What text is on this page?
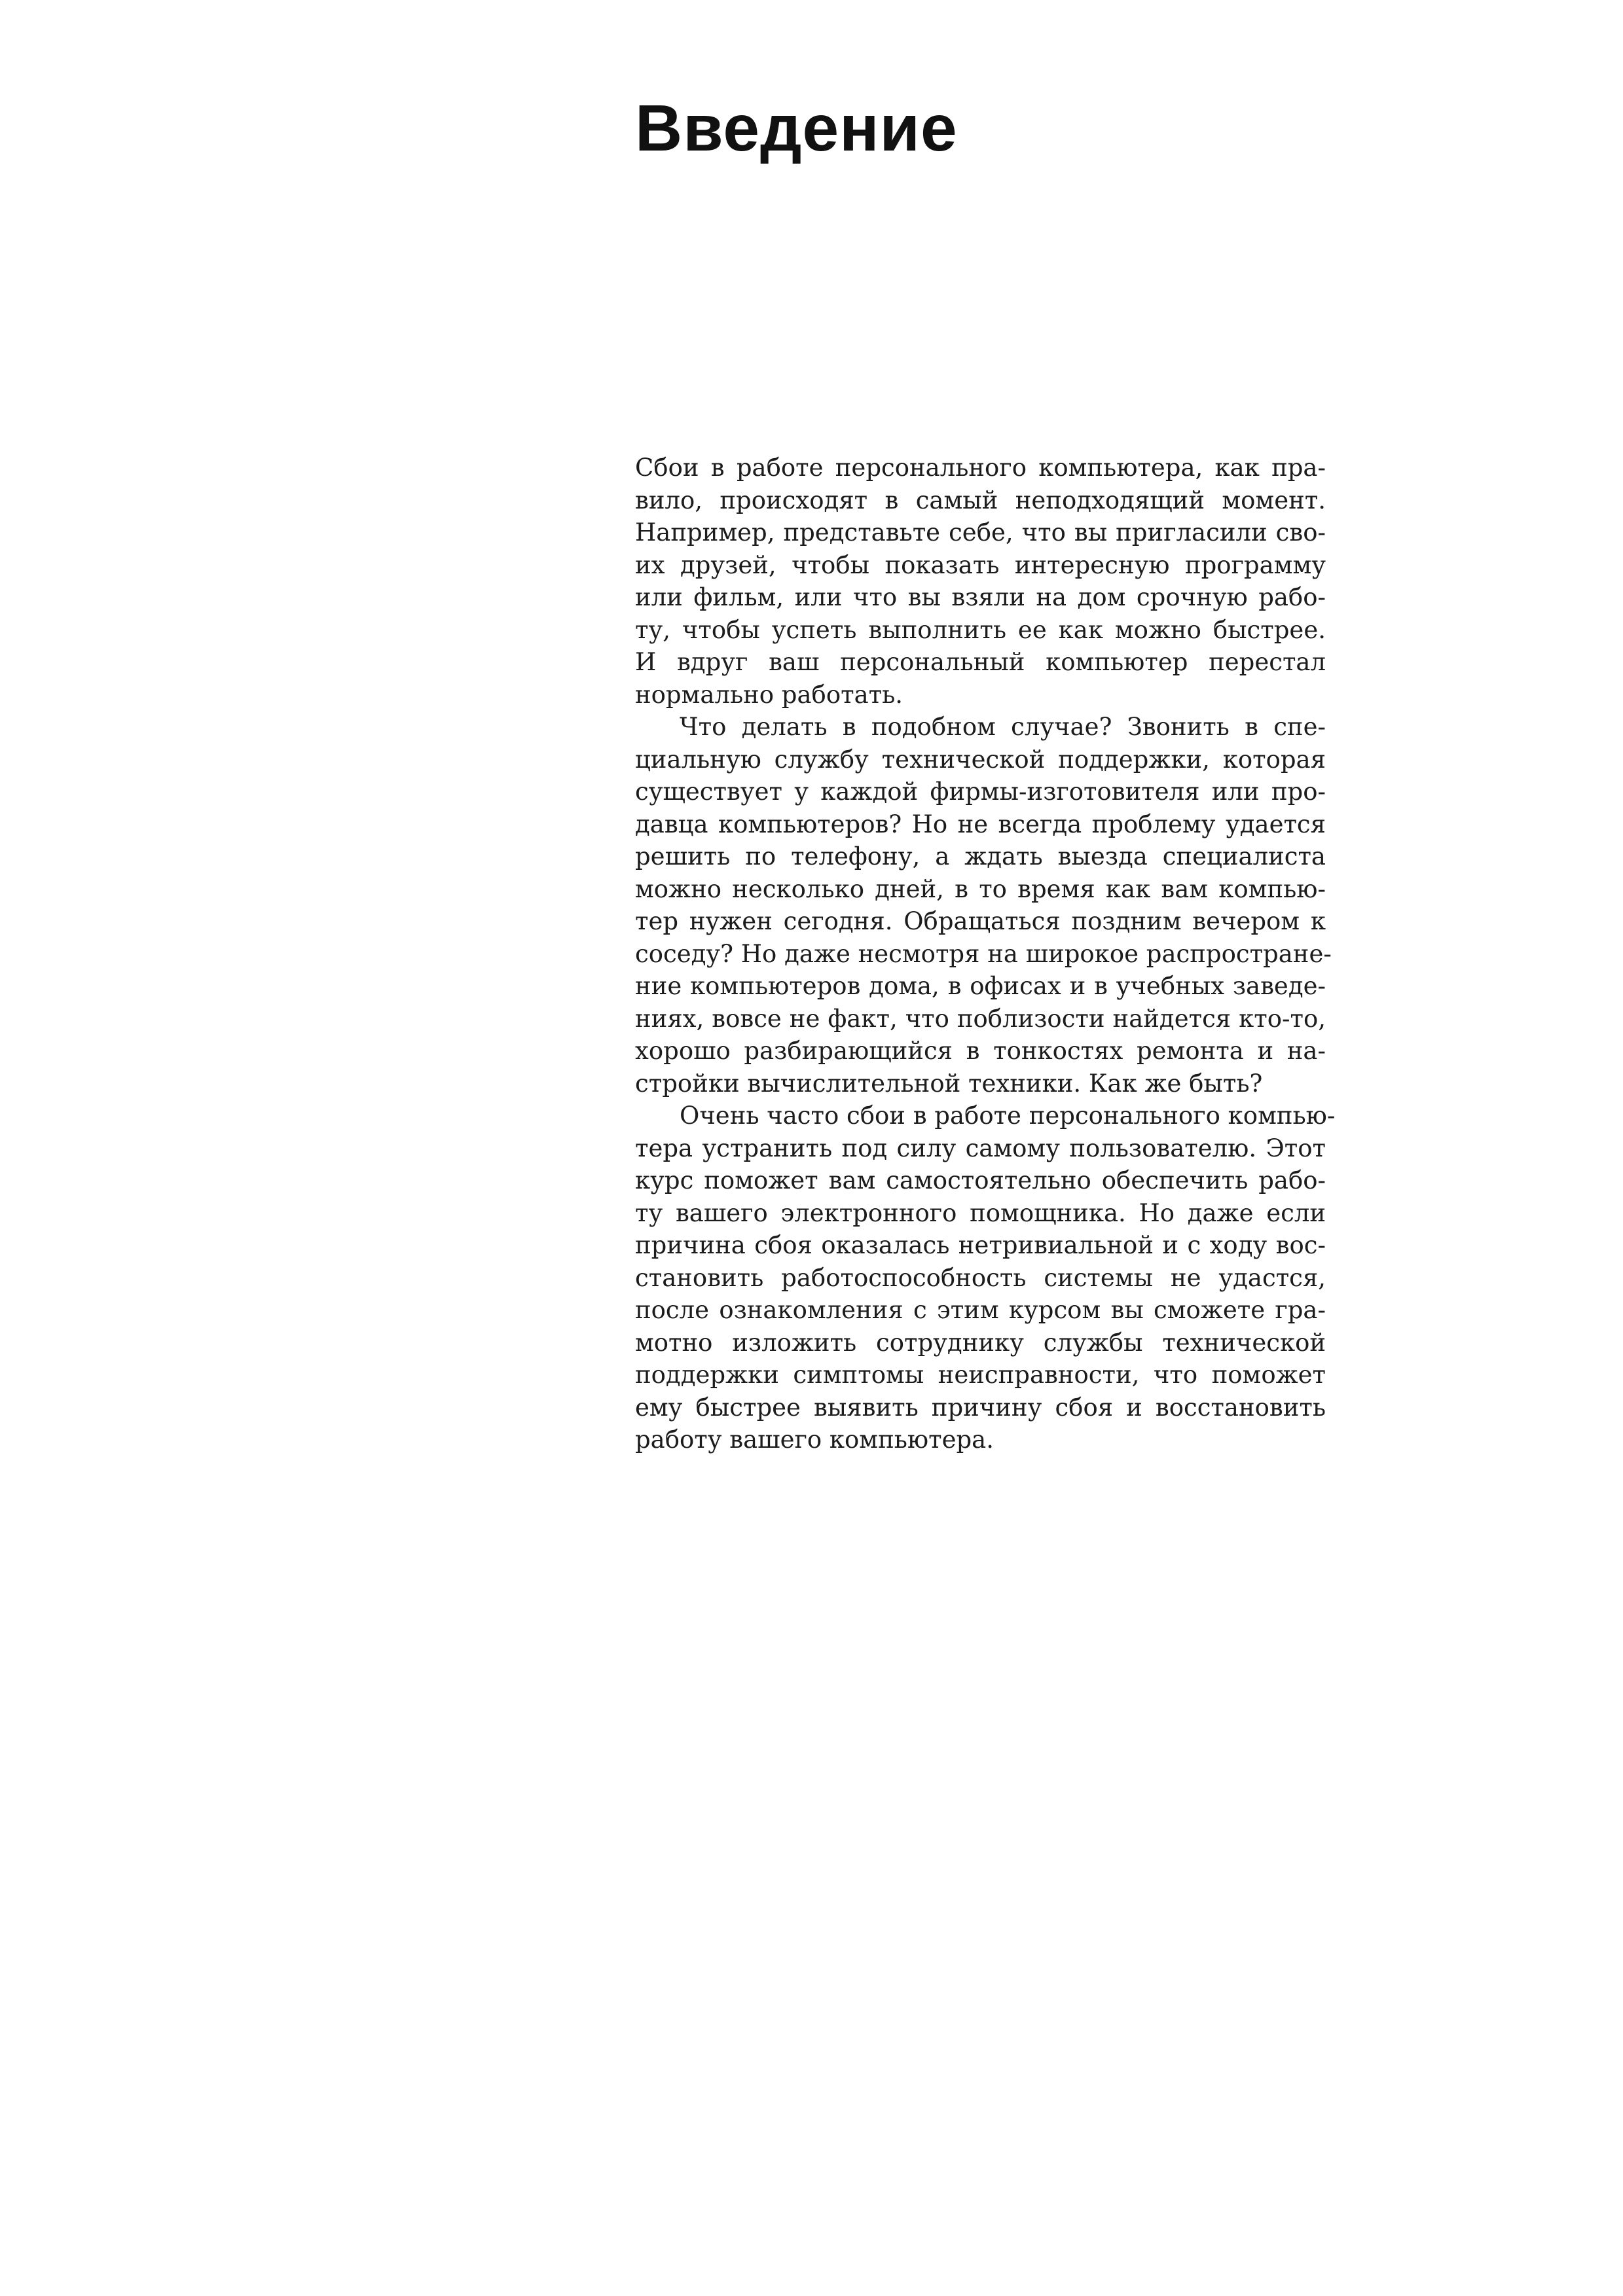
Введение
Сбои в работе персонального компьютера, как пра-
вило, происходят в самый неподходящий момент.
Например, представьте себе, что вы пригласили сво-
их друзей, чтобы показать интересную программу
или фильм, или что вы взяли на дом срочную рабо-
ту, чтобы успеть выполнить ее как можно быстрее.
И вдруг ваш персональный компьютер перестал
нормально работать.
Что делать в подобном случае? Звонить в спе-
циальную службу технической поддержки, которая
существует у каждой фирмы-изготовителя или про-
давца компьютеров? Но не всегда проблему удается
решить по телефону, а ждать выезда специалиста
можно несколько дней, в то время как вам компью-
тер нужен сегодня. Обращаться поздним вечером к
соседу? Но даже несмотря на широкое распростране-
ние компьютеров дома, в офисах и в учебных заведе-
ниях, вовсе не факт, что поблизости найдется кто-то,
хорошо разбирающийся в тонкостях ремонта и на-
стройки вычислительной техники. Как же быть?
Очень часто сбои в работе персонального компью-
тера устранить под силу самому пользователю. Этот
курс поможет вам самостоятельно обеспечить рабо-
ту вашего электронного помощника. Но даже если
причина сбоя оказалась нетривиальной и с ходу вос-
становить работоспособность системы не удастся,
после ознакомления с этим курсом вы сможете гра-
мотно изложить сотруднику службы технической
поддержки симптомы неисправности, что поможет
ему быстрее выявить причину сбоя и восстановить
работу вашего компьютера.
